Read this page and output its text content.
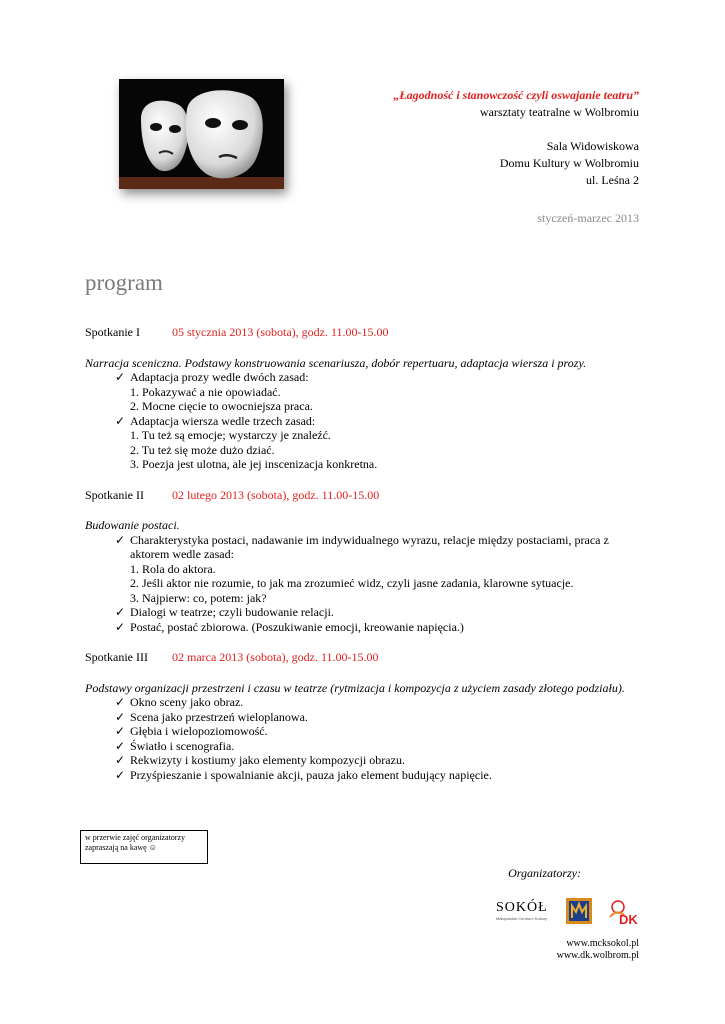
„Łagodność i stanowczość czyli oswajanie teatru”
warsztaty teatralne w Wolbromiu
Sala Widowiskowa
Domu Kultury w Wolbromiu
ul. Leśna 2
styczeń-marzec 2013
program
Spotkanie I	05 stycznia 2013 (sobota), godz. 11.00-15.00
Narracja sceniczna. Podstawy konstruowania scenariusza, dobór repertuaru, adaptacja wiersza i prozy.
✓ Adaptacja prozy wedle dwóch zasad:
1. Pokazywać a nie opowiadać.
2. Mocne cięcie to owocniejsza praca.
✓ Adaptacja wiersza wedle trzech zasad:
1. Tu też są emocje; wystarczy je znaleźć.
2. Tu też się może dużo dziać.
3. Poezja jest ulotna, ale jej inscenizacja konkretna.
Spotkanie II 02 lutego 2013 (sobota), godz. 11.00-15.00
Budowanie postaci.
✓ Charakterystyka postaci, nadawanie im indywidualnego wyrazu, relacje między postaciami, praca z aktorem wedle zasad:
1. Rola do aktora.
2. Jeśli aktor nie rozumie, to jak ma zrozumieć widz, czyli jasne zadania, klarowne sytuacje.
3. Najpierw: co, potem: jak?
✓ Dialogi w teatrze; czyli budowanie relacji.
✓ Postać, postać zbiorowa. (Poszukiwanie emocji, kreowanie napięcia.)
Spotkanie III 02 marca 2013 (sobota), godz. 11.00-15.00
Podstawy organizacji przestrzeni i czasu w teatrze (rytmizacja i kompozycja z użyciem zasady złotego podziału).
✓ Okno sceny jako obraz.
✓ Scena jako przestrzeń wieloplanowa.
✓ Głębia i wielopoziomowość.
✓ Światło i scenografia.
✓ Rekwizyty i kostiumy jako elementy kompozycji obrazu.
✓ Przyśpieszanie i spowalnianie akcji, pauza jako element budujący napięcie.
w przerwie zajęć organizatorzy zapraszają na kawę ☺
Organizatorzy:
SOKÓŁ
Małopolskie Centrum Kultury	DK
www.mcksokol.pl
www.dk.wolbrom.pl
